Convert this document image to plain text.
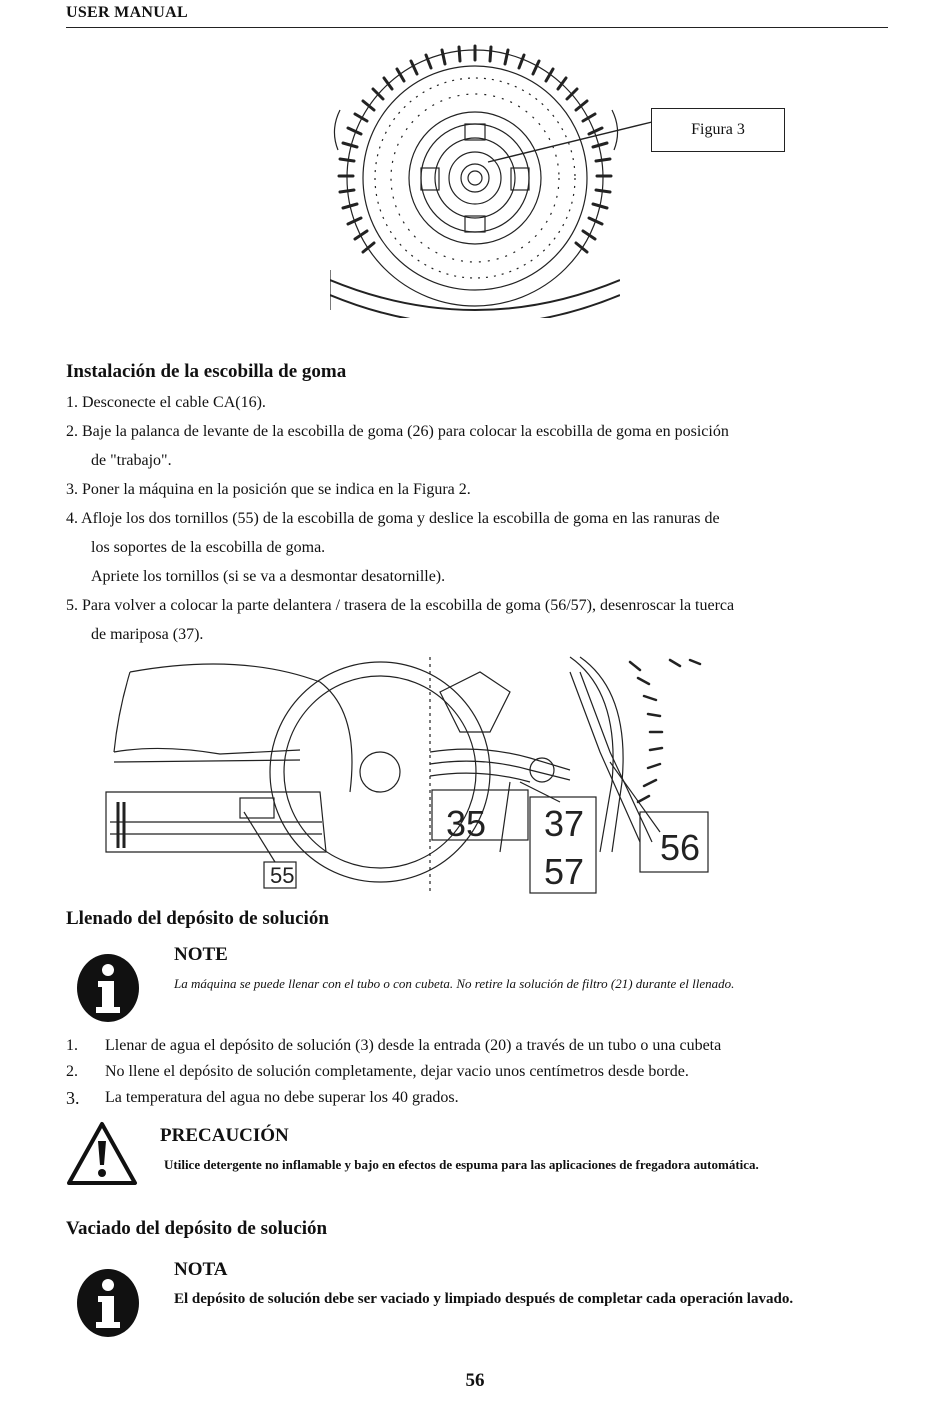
USER MANUAL
Figura 3
Instalación de la escobilla de goma
1. Desconecte el cable CA(16).
2. Baje la palanca de levante de la escobilla de goma (26) para colocar la escobilla de goma en posición
de "trabajo".
3. Poner la máquina en la posición que se indica en la Figura 2.
4. Afloje los dos tornillos (55) de la escobilla de goma y deslice la escobilla de goma en las ranuras de
los soportes de la escobilla de goma.
Apriete los tornillos (si se va a desmontar desatornille).
5. Para volver a colocar la parte delantera / trasera de la escobilla de goma (56/57), desenroscar la tuerca
de mariposa (37).
55
35 37
57
56
Llenado del depósito de solución
NOTE
La máquina se puede llenar con el tubo o con cubeta. No retire la solución de filtro (21) durante el llenado.
1.	Llenar de agua el depósito de solución (3) desde la entrada (20) a través de un tubo o una cubeta
2.	No llene el depósito de solución completamente, dejar vacio unos centímetros desde borde.
3.	La temperatura del agua no debe superar los 40 grados.
PRECAUCIÓN
Utilice detergente no inflamable y bajo en efectos de espuma para las aplicaciones de fregadora automática.
Vaciado del depósito de solución
NOTA
El depósito de solución debe ser vaciado y limpiado después de completar cada operación lavado.
56
